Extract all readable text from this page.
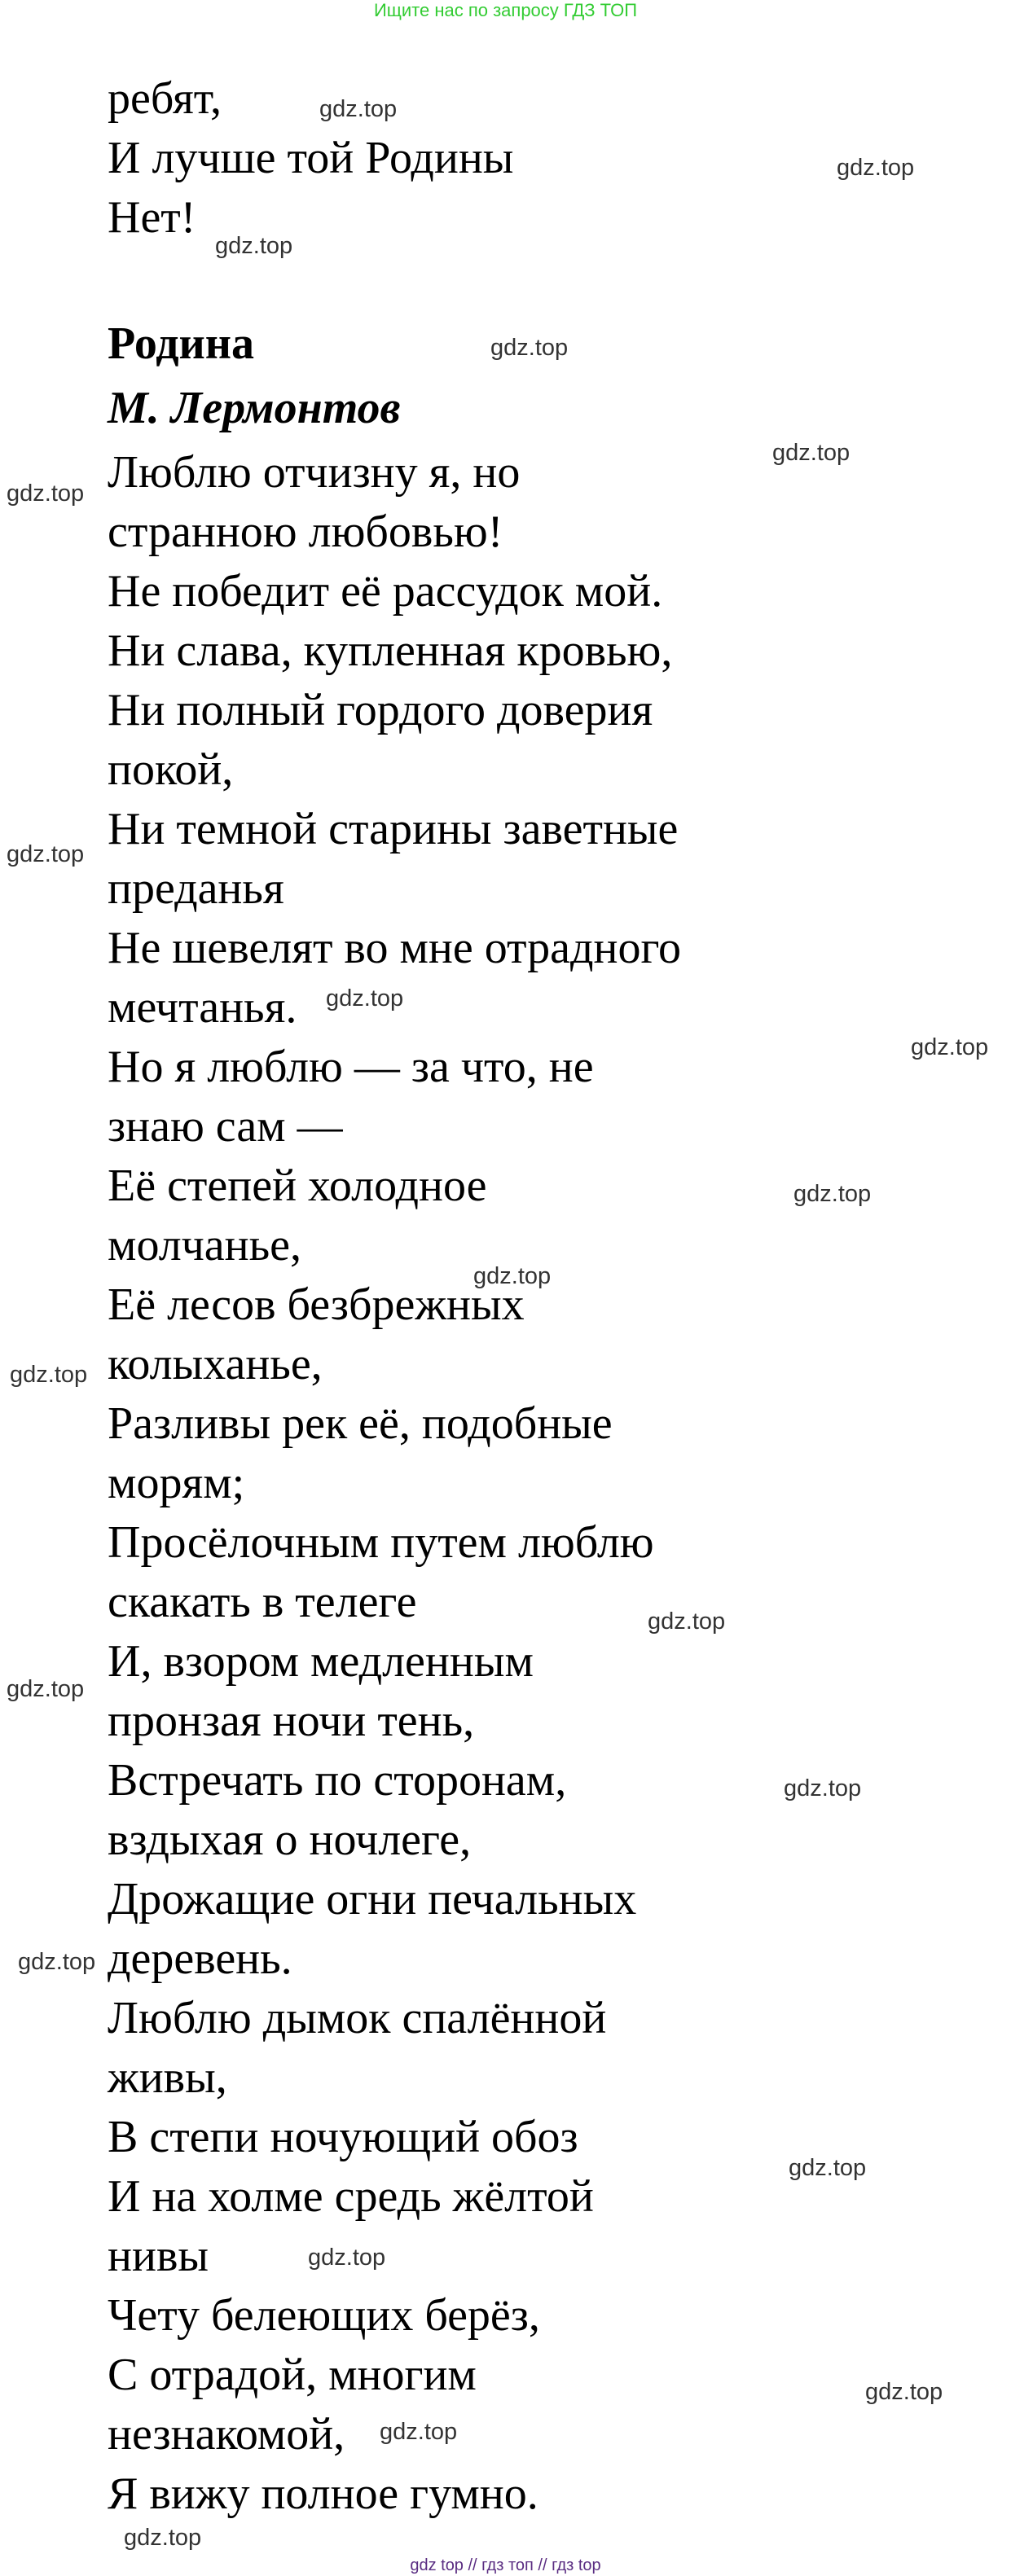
Ищите нас по запросу ГДЗ ТОП
ребят,
И лучше той Родины
Нет!
Родина
М. Лермонтов
Люблю отчизну я, но
странною любовью!
Не победит её рассудок мой.
Ни слава, купленная кровью,
Ни полный гордого доверия
покой,
Ни темной старины заветные
преданья
Не шевелят во мне отрадного
мечтанья.
Но я люблю — за что, не
знаю сам —
Её степей холодное
молчанье,
Её лесов безбрежных
колыханье,
Разливы рек её, подобные
морям;
Просёлочным путем люблю
скакать в телеге
И, взором медленным
пронзая ночи тень,
Встречать по сторонам,
вздыхая о ночлеге,
Дрожащие огни печальных
деревень.
Люблю дымок спалённой
живы,
В степи ночующий обоз
И на холме средь жёлтой
нивы
Чету белеющих берёз,
С отрадой, многим
незнакомой,
Я вижу полное гумно.
gdz.top
gdz.top
gdz.top
gdz.top
gdz.top
gdz.top
gdz.top
gdz.top
gdz.top
gdz.top
gdz.top
gdz.top
gdz.top
gdz.top
gdz.top
gdz.top
gdz.top
gdz.top
gdz.top
gdz.top
gdz.top
gdz top // гдз топ // гдз top
